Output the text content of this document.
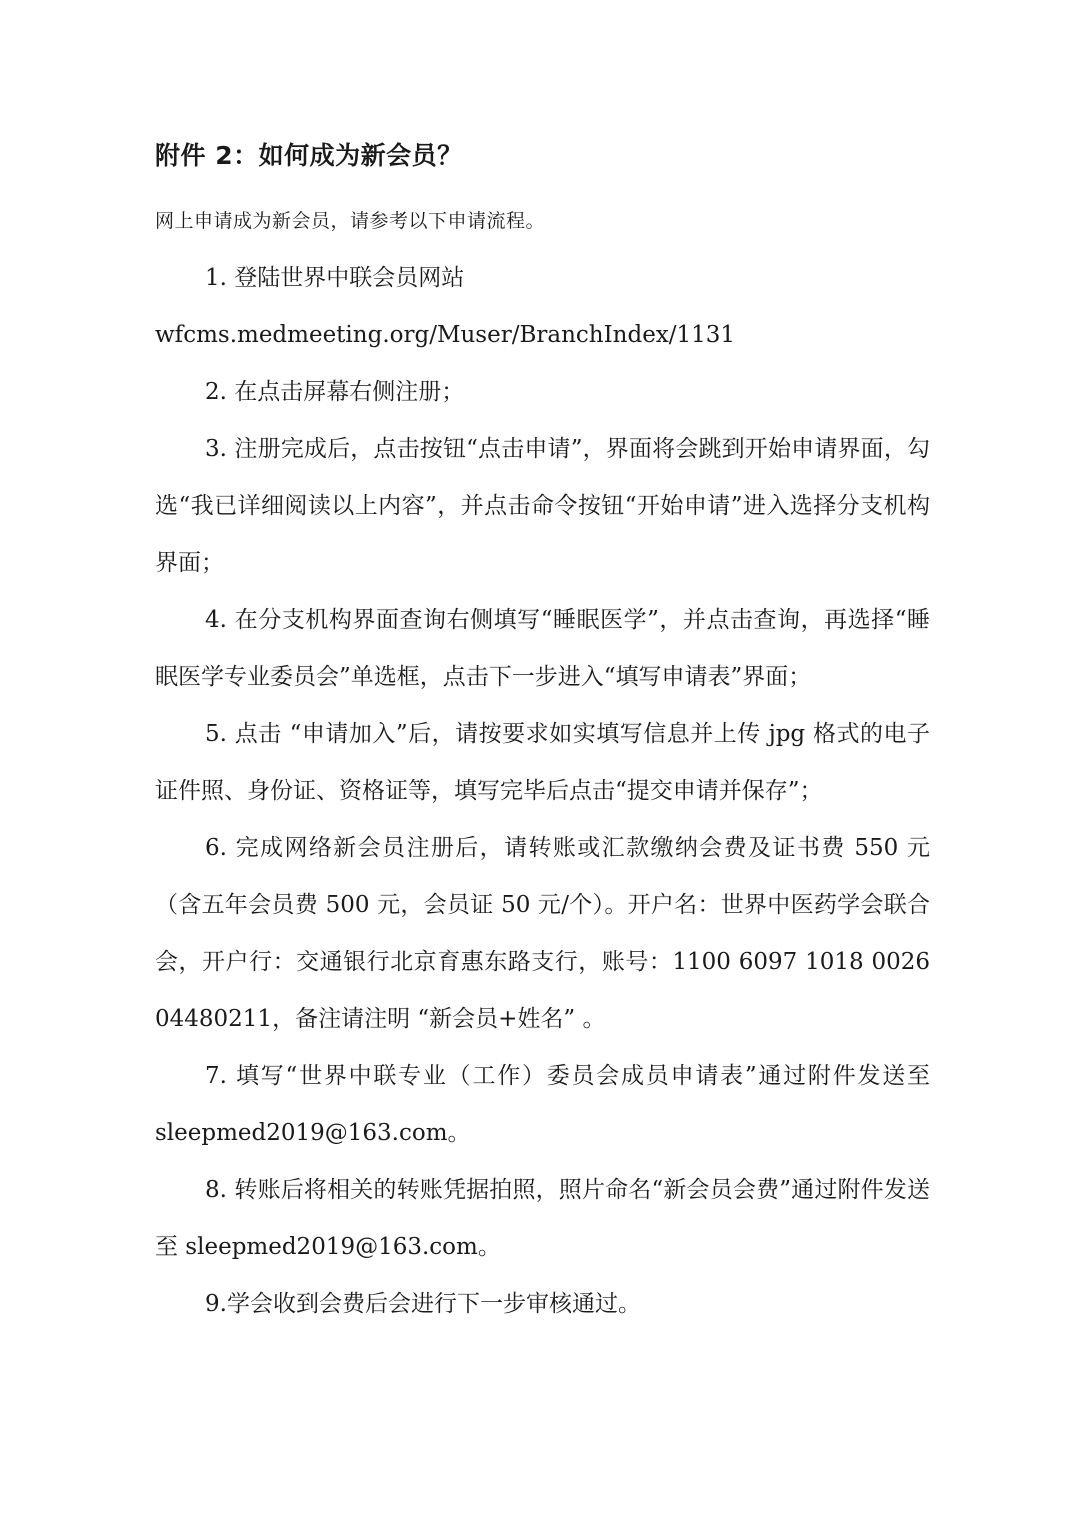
附件 2：如何成为新会员？

网上申请成为新会员，请参考以下申请流程。

1. 登陆世界中联会员网站

wfcms.medmeeting.org/Muser/BranchIndex/1131

2. 在点击屏幕右侧注册；

3. 注册完成后，点击按钮“点击申请”，界面将会跳到开始申请界面，勾选“我已详细阅读以上内容”，并点击命令按钮“开始申请”进入选择分支机构界面；

4. 在分支机构界面查询右侧填写“睡眠医学”，并点击查询，再选择“睡眠医学专业委员会”单选框，点击下一步进入“填写申请表”界面；

5. 点击 “申请加入”后，请按要求如实填写信息并上传 jpg 格式的电子证件照、身份证、资格证等，填写完毕后点击“提交申请并保存”；

6. 完成网络新会员注册后，请转账或汇款缴纳会费及证书费 550 元（含五年会员费 500 元，会员证 50 元/个）。开户名：世界中医药学会联合会，开户行：交通银行北京育惠东路支行，账号：1100 6097 1018 0026 04480211，备注请注明 “新会员+姓名” 。

7. 填写“世界中联专业（工作）委员会成员申请表”通过附件发送至 sleepmed2019@163.com。

8. 转账后将相关的转账凭据拍照，照片命名“新会员会费”通过附件发送至 sleepmed2019@163.com。

9.学会收到会费后会进行下一步审核通过。
